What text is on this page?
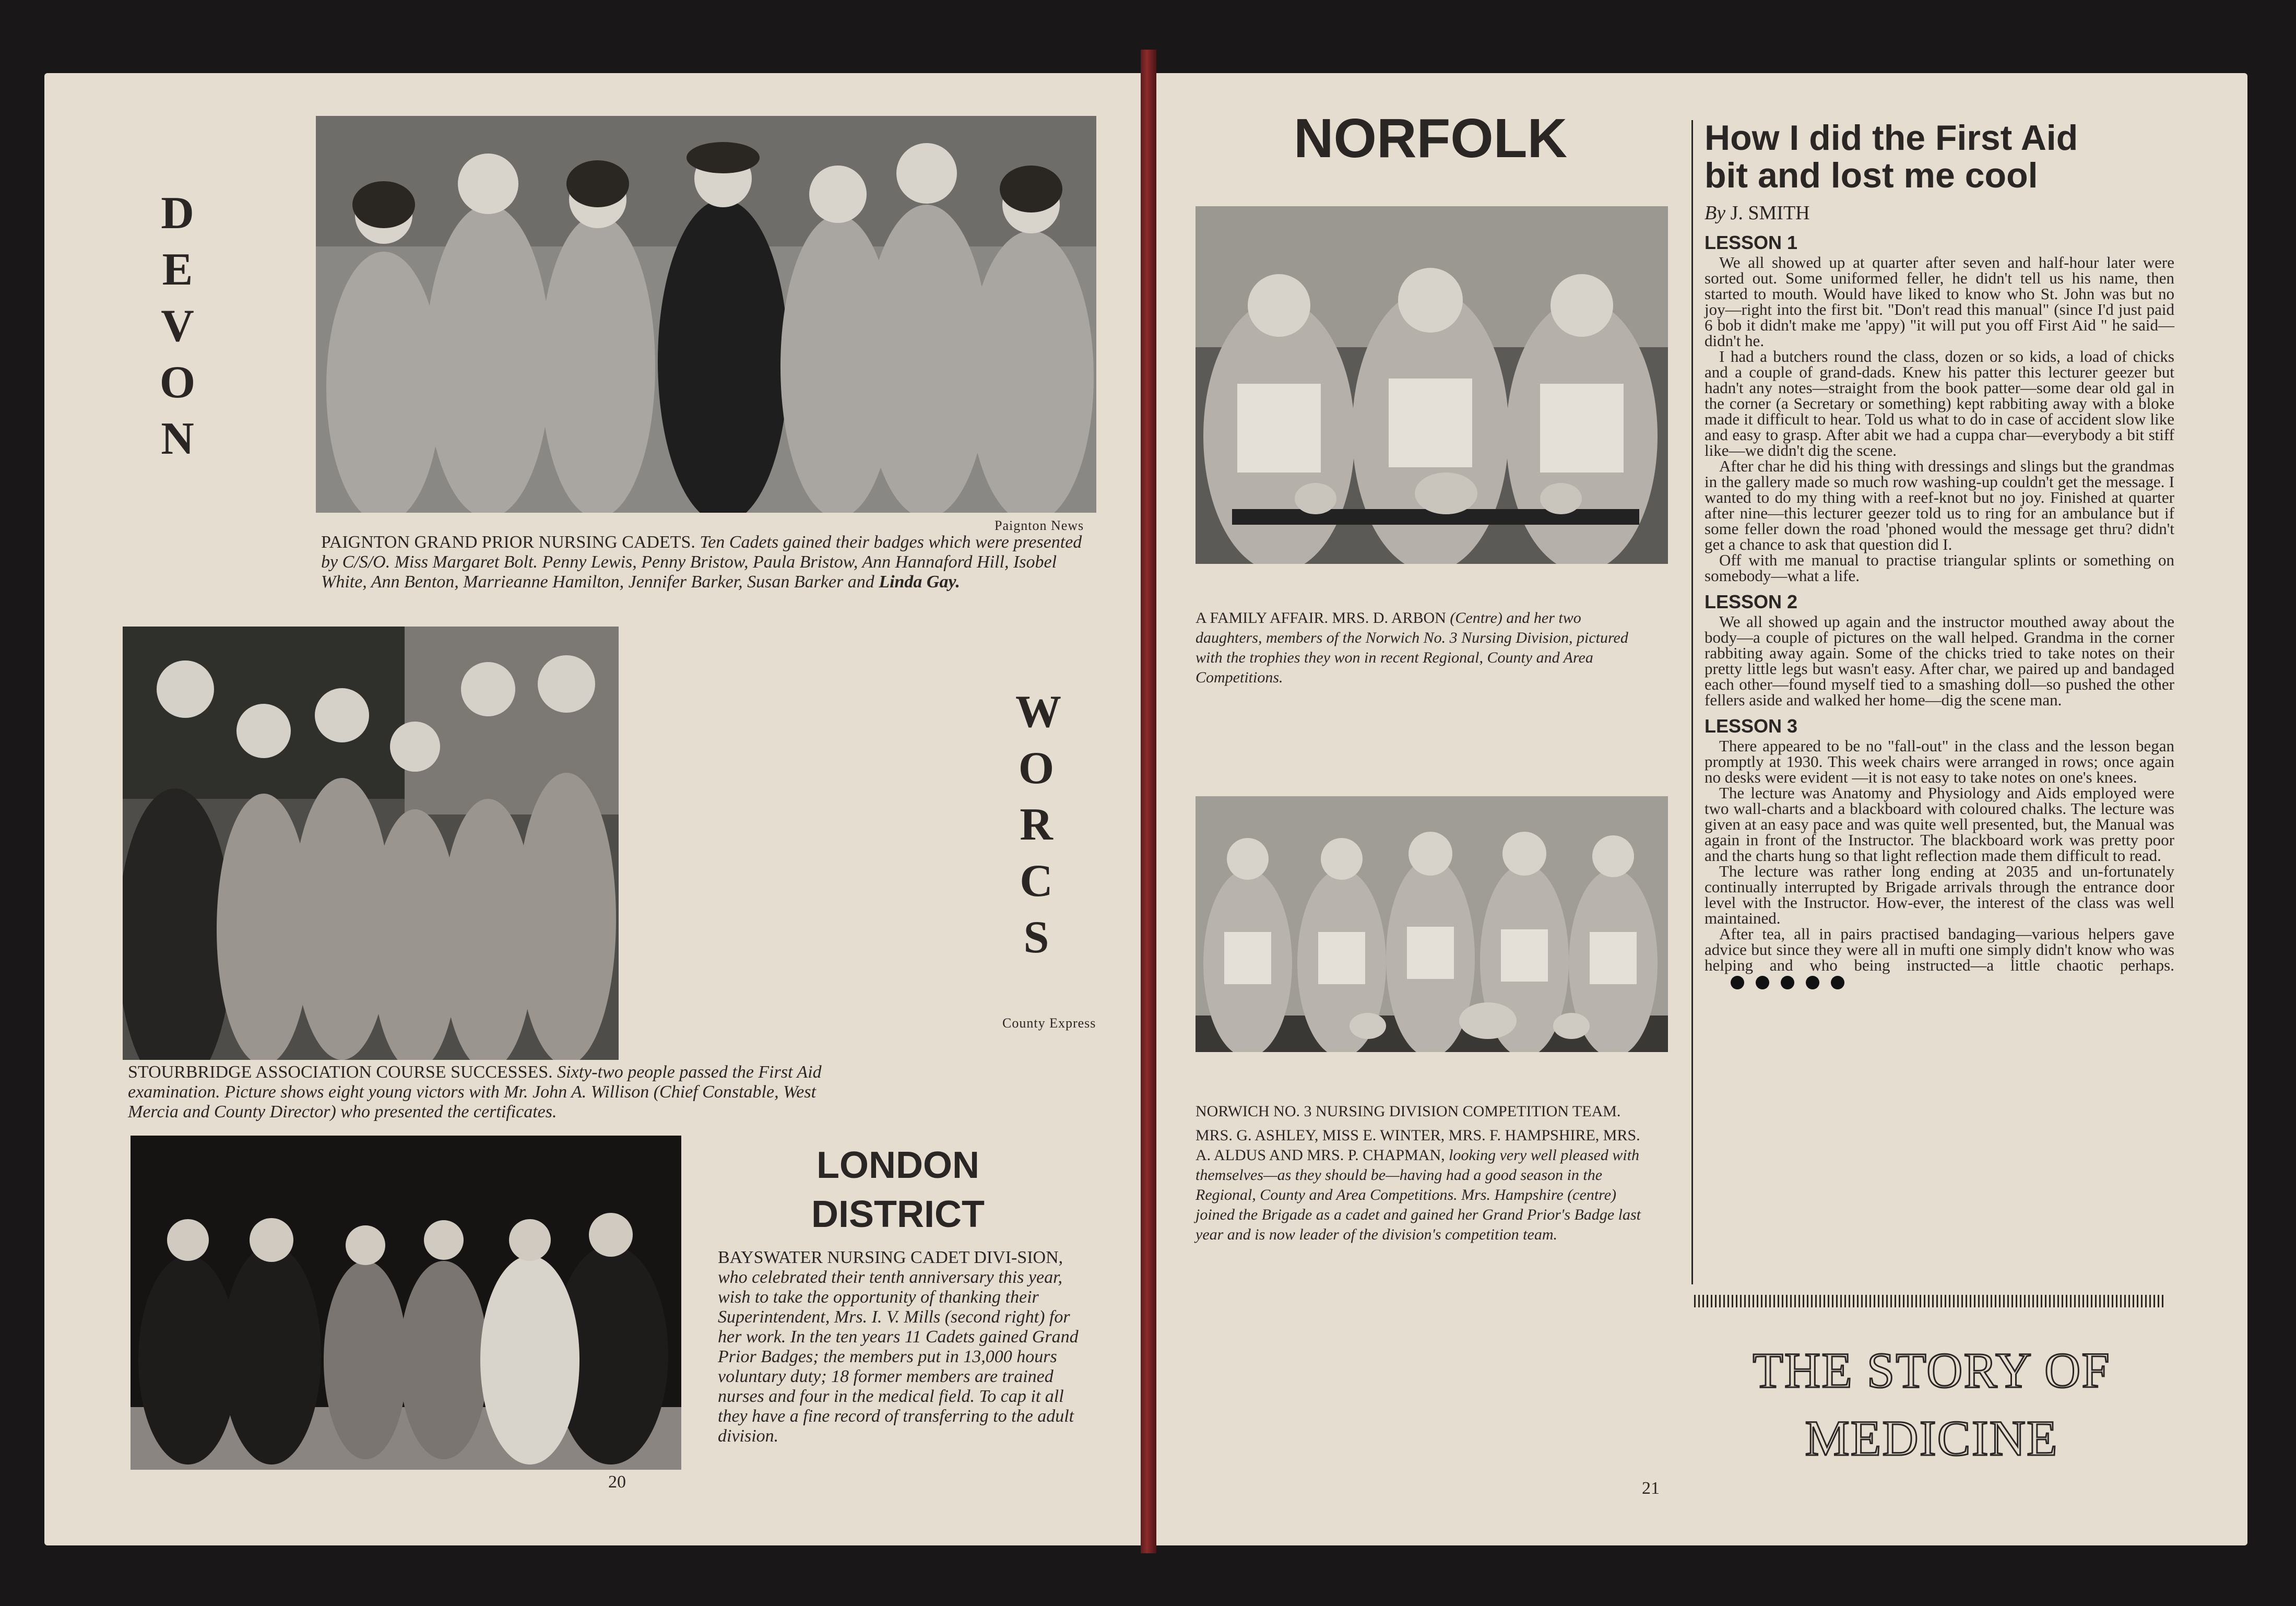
D
E
V
O
N
Paignton News
PAIGNTON GRAND PRIOR NURSING CADETS. Ten Cadets gained their badges which were presented by C/S/O. Miss Margaret Bolt. Penny Lewis, Penny Bristow, Paula Bristow, Ann Hannaford Hill, Isobel White, Ann Benton, Marrieanne Hamilton, Jennifer Barker, Susan Barker and Linda Gay.
W
O
R
C
S
County Express
STOURBRIDGE ASSOCIATION COURSE SUCCESSES. Sixty-two people passed the First Aid examination. Picture shows eight young victors with Mr. John A. Willison (Chief Constable, West Mercia and County Director) who presented the certificates.
LONDON
DISTRICT
BAYSWATER NURSING CADET DIVI-SION, who celebrated their tenth anniversary this year, wish to take the opportunity of thanking their Superintendent, Mrs. I. V. Mills (second right) for her work. In the ten years 11 Cadets gained Grand Prior Badges; the members put in 13,000 hours voluntary duty; 18 former members are trained nurses and four in the medical field. To cap it all they have a fine record of transferring to the adult division.
20
NORFOLK
A FAMILY AFFAIR. MRS. D. ARBON (Centre) and her two daughters, members of the Norwich No. 3 Nursing Division, pictured with the trophies they won in recent Regional, County and Area Competitions.
NORWICH NO. 3 NURSING DIVISION COMPETITION TEAM.
MRS. G. ASHLEY, MISS E. WINTER, MRS. F. HAMPSHIRE, MRS. A. ALDUS AND MRS. P. CHAPMAN, looking very well pleased with themselves—as they should be—having had a good season in the Regional, County and Area Competitions. Mrs. Hampshire (centre) joined the Brigade as a cadet and gained her Grand Prior's Badge last year and is now leader of the division's competition team.
21
How I did the First Aid
bit and lost me cool
By J. SMITH
LESSON 1

We all showed up at quarter after seven and half-hour later were sorted out. Some uniformed feller, he didn't tell us his name, then started to mouth. Would have liked to know who St. John was but no joy—right into the first bit. "Don't read this manual" (since I'd just paid 6 bob it didn't make me 'appy) "it will put you off First Aid " he said—didn't he.

I had a butchers round the class, dozen or so kids, a load of chicks and a couple of grand-dads. Knew his patter this lecturer geezer but hadn't any notes—straight from the book patter—some dear old gal in the corner (a Secretary or something) kept rabbiting away with a bloke made it difficult to hear. Told us what to do in case of accident slow like and easy to grasp. After abit we had a cuppa char—everybody a bit stiff like—we didn't dig the scene.

After char he did his thing with dressings and slings but the grandmas in the gallery made so much row washing-up couldn't get the message. I wanted to do my thing with a reef-knot but no joy. Finished at quarter after nine—this lecturer geezer told us to ring for an ambulance but if some feller down the road 'phoned would the message get thru? didn't get a chance to ask that question did I.

Off with me manual to practise triangular splints or something on somebody—what a life.

LESSON 2

We all showed up again and the instructor mouthed away about the body—a couple of pictures on the wall helped. Grandma in the corner rabbiting away again. Some of the chicks tried to take notes on their pretty little legs but wasn't easy. After char, we paired up and bandaged each other—found myself tied to a smashing doll—so pushed the other fellers aside and walked her home—dig the scene man.

LESSON 3

There appeared to be no "fall-out" in the class and the lesson began promptly at 1930. This week chairs were arranged in rows; once again no desks were evident —it is not easy to take notes on one's knees.

The lecture was Anatomy and Physiology and Aids employed were two wall-charts and a blackboard with coloured chalks. The lecture was given at an easy pace and was quite well presented, but, the Manual was again in front of the Instructor. The blackboard work was pretty poor and the charts hung so that light reflection made them difficult to read.

The lecture was rather long ending at 2035 and un-fortunately continually interrupted by Brigade arrivals through the entrance door level with the Instructor. How-ever, the interest of the class was well maintained.

After tea, all in pairs practised bandaging—various helpers gave advice but since they were all in mufti one simply didn't know who was helping and who being instructed—a little chaotic perhaps.

THE STORY OF
MEDICINE
